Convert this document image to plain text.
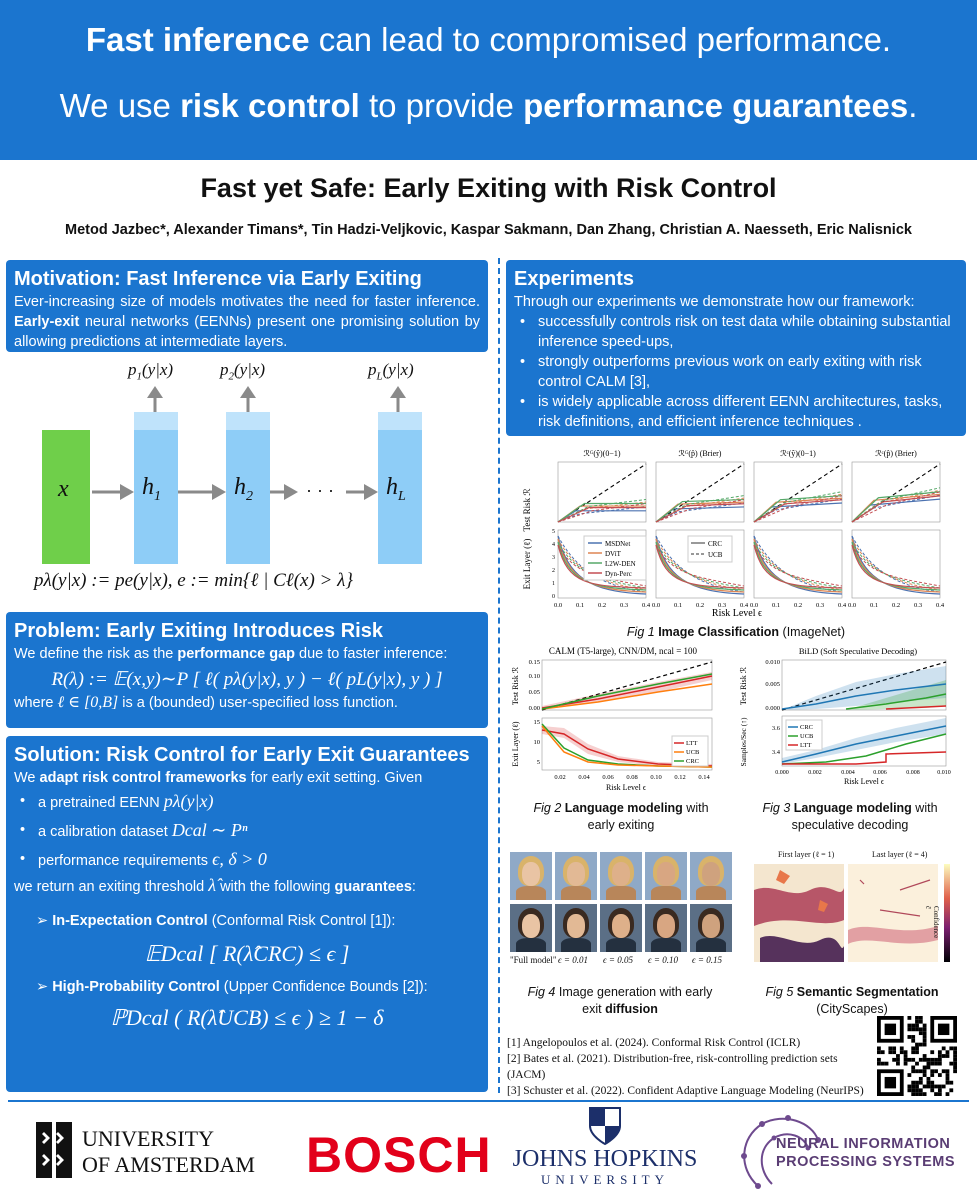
Fast inference can lead to compromised performance.
We use risk control to provide performance guarantees.
Fast yet Safe: Early Exiting with Risk Control
Metod Jazbec*, Alexander Timans*, Tin Hadzi-Veljkovic, Kaspar Sakmann, Dan Zhang, Christian A. Naesseth, Eric Nalisnick
Motivation: Fast Inference via Early Exiting

Ever-increasing size of models motivates the need for faster inference. Early-exit neural networks (EENNs) present one promising solution by allowing predictions at intermediate layers.

$p_1(y|x)$	$p_2(y|x)$	$p_L(y|x)$
x	$h_1$	$h_2$	· · · $h_L$
pλ(y|x) := pe(y|x), e := min{ℓ | Cℓ(x) > λ}
Problem: Early Exiting Introduces Risk

We define the risk as the performance gap due to faster inference:

R(λ) := 𝔼(x,y)∼P [ ℓ( pλ(y|x), y ) − ℓ( pL(y|x), y ) ]

where ℓ ∈ [0,B] is a (bounded) user-specified loss function.

Solution: Risk Control for Early Exit Guarantees

We adapt risk control frameworks for early exit setting. Given

• a pretrained EENN pλ(y|x)
• a calibration dataset Dcal ∼ Pⁿ
• performance requirements ϵ, δ > 0

we return an exiting threshold λ̂ with the following guarantees:

➢ In-Expectation Control (Conformal Risk Control [1]):

𝔼Dcal [ R(λ̂CRC) ≤ ϵ ]

➢ High-Probability Control (Upper Confidence Bounds [2]):

ℙDcal ( R(λ̂UCB) ≤ ϵ ) ≥ 1 − δ
Experiments

Through our experiments we demonstrate how our framework:

• successfully controls risk on test data while obtaining substantial inference speed-ups,
• strongly outperforms previous work on early exiting with risk control CALM [3],
• is widely applicable across different EENN architectures, tasks, risk definitions, and efficient inference techniques .
ℛᴳ(ŷ)(0−1)
0.0 0.1 0.2 0.3 0.4
ℛᴳ(p̂) (Brier)
0.0 0.1 0.2 0.3 0.4
ℛᶜ(ŷ)(0−1)
0.0 0.1 0.2 0.3 0.4
ℛᶜ(p̂) (Brier)
0.0 0.1 0.2 0.3 0.4
0
1
2
3
4
5
Test Risk ℛ
Exit Layer (ℓ)
Risk Level ϵ
MSDNet
DViT
L2W-DEN
Dyn-Perc
CRC
UCB
Fig 1 Image Classification (ImageNet)
CALM (T5-large), CNN/DM, ncal = 100
LTT
UCB
CRC
0.00
0.05
0.10
0.15
5
10
15
0.02 0.04 0.06 0.08 0.10 0.12 0.14
Risk Level ϵ
Test Risk ℛ
Exit Layer (ℓ)
Fig 2 Language modeling with early exiting
BiLD (Soft Speculative Decoding)
CRC
UCB
LTT
0.000
0.005
0.010
3.4
3.6
0.000	0.002	0.004	0.006	0.008	0.010
Risk Level ϵ
Test Risk ℛ
Samples/Sec (↑)
Fig 3 Language modeling with speculative decoding
"Full model" ϵ = 0.01 ϵ = 0.05 ϵ = 0.10 ϵ = 0.15
Fig 4 Image generation with early exit diffusion
First layer (ℓ = 1)	Last layer (ℓ = 4)
Confidence ĉ
Fig 5 Semantic Segmentation
(CityScapes)
[1] Angelopoulos et al. (2024). Conformal Risk Control (ICLR)
[2] Bates et al. (2021). Distribution-free, risk-controlling prediction sets (JACM)
[3] Schuster et al. (2022). Confident Adaptive Language Modeling (NeurIPS)
UNIVERSITY
OF AMSTERDAM BOSCH JOHNS HOPKINS
UNIVERSITY
NEURAL INFORMATION
PROCESSING SYSTEMS
